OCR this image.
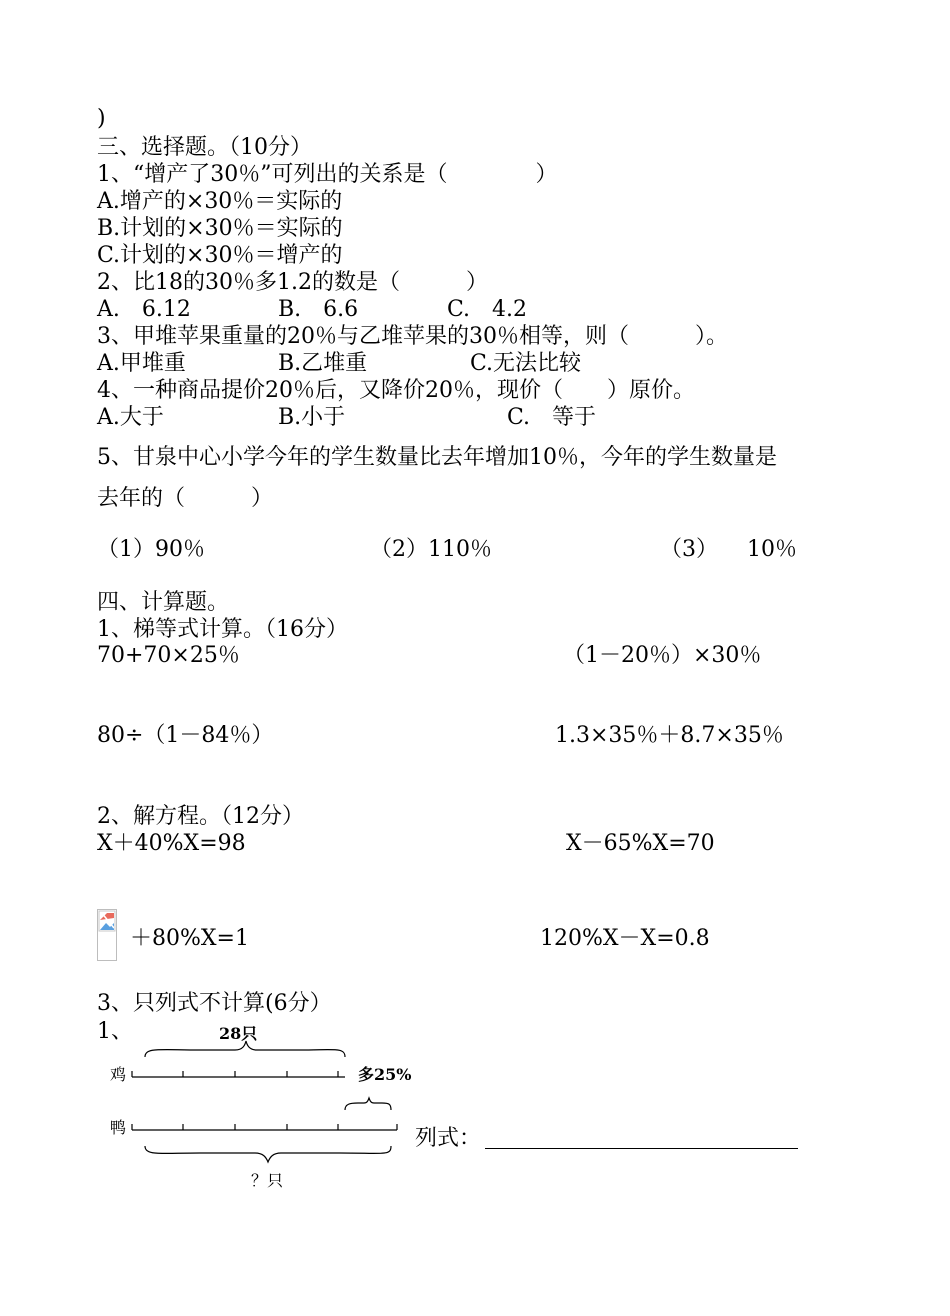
)
三、选择题。（10分）
1、“增产了30％”可列出的关系是（　　　　）
A.增产的×30％＝实际的
B.计划的×30％＝实际的
C.计划的×30％＝增产的
2、比18的30％多1.2的数是（　　　）
A.　6.12	B.　6.6	C.　4.2
3、甲堆苹果重量的20％与乙堆苹果的30％相等，则（　　　）。
A.甲堆重	B.乙堆重	C.无法比较
4、一种商品提价20％后，又降价20％，现价（　　）原价。
A.大于	B.小于	C.　等于
5、甘泉中心小学今年的学生数量比去年增加10％，今年的学生数量是
去年的（　　　）
（1）90％	（2）110％	（3） 10％
四、计算题。
1、梯等式计算。（16分）
70+70×25％	（1－20％）×30％
80÷（1－84％）	1.3×35％＋8.7×35％
2、解方程。（12分）
X＋40%X=98	X－65%X=70
＋80%X=1	120%X－X=0.8
3、只列式不计算(6分）
1、	28只
鸡	多25%
鸭
？只
列式：
